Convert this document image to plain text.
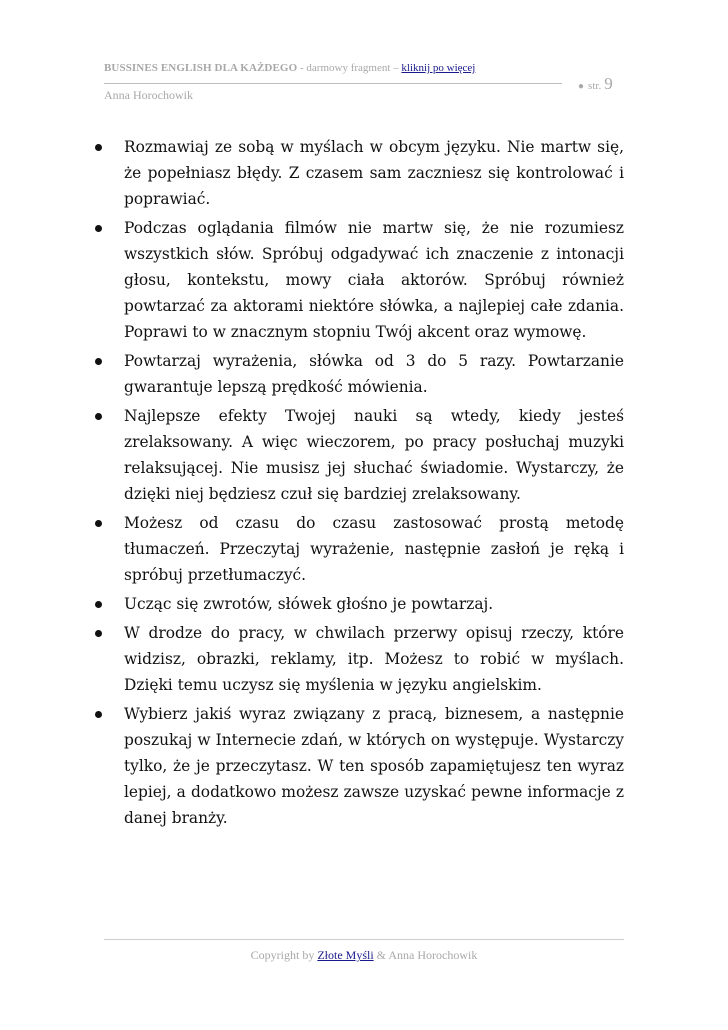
BUSSINES ENGLISH DLA KAŻDEGO - darmowy fragment – kliknij po więcej
Anna Horochowik
● str. 9
Rozmawiaj ze sobą w myślach w obcym języku. Nie martw się, że popełniasz błędy. Z czasem sam zaczniesz się kontrolować i poprawiać.
Podczas oglądania filmów nie martw się, że nie rozumiesz wszystkich słów. Spróbuj odgadywać ich znaczenie z intonacji głosu, kontekstu, mowy ciała aktorów. Spróbuj również powtarzać za aktorami niektóre słówka, a najlepiej całe zdania. Poprawi to w znacznym stopniu Twój akcent oraz wymowę.
Powtarzaj wyrażenia, słówka od 3 do 5 razy. Powtarzanie gwarantuje lepszą prędkość mówienia.
Najlepsze efekty Twojej nauki są wtedy, kiedy jesteś zrelaksowany. A więc wieczorem, po pracy posłuchaj muzyki relaksującej. Nie musisz jej słuchać świadomie. Wystarczy, że dzięki niej będziesz czuł się bardziej zrelaksowany.
Możesz od czasu do czasu zastosować prostą metodę tłumaczeń. Przeczytaj wyrażenie, następnie zasłoń je ręką i spróbuj przetłumaczyć.
Ucząc się zwrotów, słówek głośno je powtarzaj.
W drodze do pracy, w chwilach przerwy opisuj rzeczy, które widzisz, obrazki, reklamy, itp. Możesz to robić w myślach. Dzięki temu uczysz się myślenia w języku angielskim.
Wybierz jakiś wyraz związany z pracą, biznesem, a następnie poszukaj w Internecie zdań, w których on występuje. Wystarczy tylko, że je przeczytasz. W ten sposób zapamiętujesz ten wyraz lepiej, a dodatkowo możesz zawsze uzyskać pewne informacje z danej branży.
Copyright by Złote Myśli & Anna Horochowik
